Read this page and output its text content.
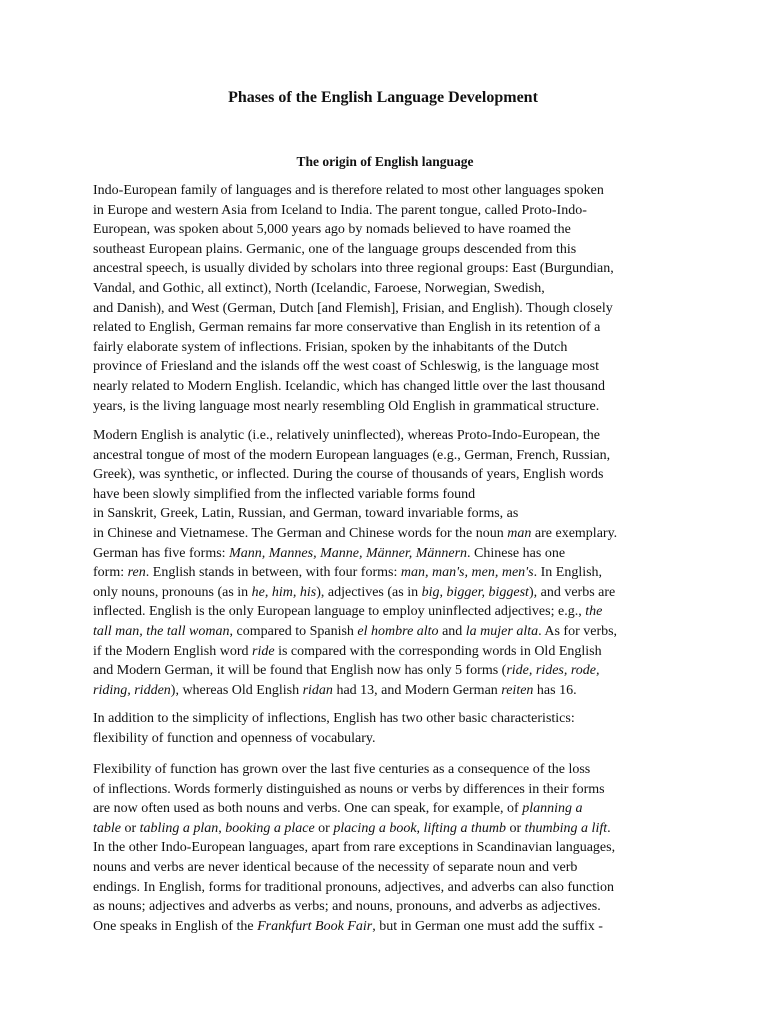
Phases of the English Language Development
The origin of English language
Indo-European family of languages and is therefore related to most other languages spoken
in Europe and western Asia from Iceland to India. The parent tongue, called Proto-Indo-
European, was spoken about 5,000 years ago by nomads believed to have roamed the
southeast European plains. Germanic, one of the language groups descended from this
ancestral speech, is usually divided by scholars into three regional groups: East (Burgundian,
Vandal, and Gothic, all extinct), North (Icelandic, Faroese, Norwegian, Swedish,
and Danish), and West (German, Dutch [and Flemish], Frisian, and English). Though closely
related to English, German remains far more conservative than English in its retention of a
fairly elaborate system of inflections. Frisian, spoken by the inhabitants of the Dutch
province of Friesland and the islands off the west coast of Schleswig, is the language most
nearly related to Modern English. Icelandic, which has changed little over the last thousand
years, is the living language most nearly resembling Old English in grammatical structure.
Modern English is analytic (i.e., relatively uninflected), whereas Proto-Indo-European, the
ancestral tongue of most of the modern European languages (e.g., German, French, Russian,
Greek), was synthetic, or inflected. During the course of thousands of years, English words
have been slowly simplified from the inflected variable forms found
in Sanskrit, Greek, Latin, Russian, and German, toward invariable forms, as
in Chinese and Vietnamese. The German and Chinese words for the noun man are exemplary.
German has five forms: Mann, Mannes, Manne, Männer, Männern. Chinese has one
form: ren. English stands in between, with four forms: man, man's, men, men's. In English,
only nouns, pronouns (as in he, him, his), adjectives (as in big, bigger, biggest), and verbs are
inflected. English is the only European language to employ uninflected adjectives; e.g., the
tall man, the tall woman, compared to Spanish el hombre alto and la mujer alta. As for verbs,
if the Modern English word ride is compared with the corresponding words in Old English
and Modern German, it will be found that English now has only 5 forms (ride, rides, rode,
riding, ridden), whereas Old English ridan had 13, and Modern German reiten has 16.
In addition to the simplicity of inflections, English has two other basic characteristics:
flexibility of function and openness of vocabulary.
Flexibility of function has grown over the last five centuries as a consequence of the loss
of inflections. Words formerly distinguished as nouns or verbs by differences in their forms
are now often used as both nouns and verbs. One can speak, for example, of planning a
table or tabling a plan, booking a place or placing a book, lifting a thumb or thumbing a lift.
In the other Indo-European languages, apart from rare exceptions in Scandinavian languages,
nouns and verbs are never identical because of the necessity of separate noun and verb
endings. In English, forms for traditional pronouns, adjectives, and adverbs can also function
as nouns; adjectives and adverbs as verbs; and nouns, pronouns, and adverbs as adjectives.
One speaks in English of the Frankfurt Book Fair, but in German one must add the suffix -
